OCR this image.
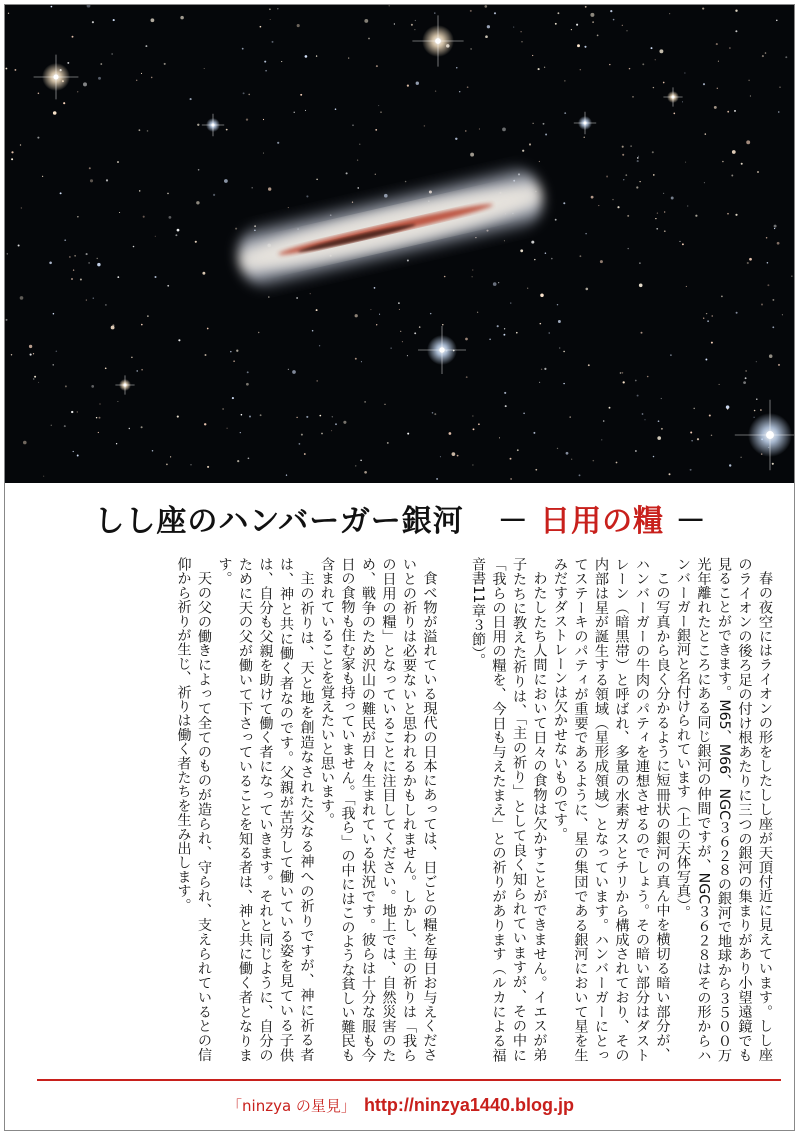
しし座のハンバーガー銀河 － 日用の糧 －

春の夜空にはライオンの形をしたしし座が天頂付近に見えています。しし座のライオンの後ろ足の付け根あたりに三つの銀河の集まりがあり小望遠鏡でも見ることができます。M65、M66、NGC３６２８の銀河で地球から３５００万光年離れたところにある同じ銀河の仲間ですが、NGC３６２８はその形からハンバーガー銀河と名付けられています（上の天体写真）。

この写真から良く分かるように短冊状の銀河の真ん中を横切る暗い部分が、ハンバーガーの牛肉のパティを連想させるのでしょう。その暗い部分はダストレーン（暗黒帯）と呼ばれ、多量の水素ガスとチリから構成されており、その内部は星が誕生する領域（星形成領域）となっています。ハンバーガーにとってステーキのパティが重要であるように、星の集団である銀河において星を生みだすダストレーンは欠かせないものです。

わたしたち人間において日々の食物は欠かすことができません。イエスが弟子たちに教えた祈りは、「主の祈り」として良く知られていますが、その中に「我らの日用の糧を、今日も与えたまえ」との祈りがあります（ルカによる福音書11章３節）。

食べ物が溢れている現代の日本にあっては、日ごとの糧を毎日お与えくださいとの祈りは必要ないと思われるかもしれません。しかし、主の祈りは「我らの日用の糧」となっていることに注目してください。地上では、自然災害のため、戦争のため沢山の難民が日々生まれている状況です。彼らは十分な服も今日の食物も住む家も持っていません。「我ら」の中にはこのような貧しい難民も含まれていることを覚えたいと思います。

主の祈りは、天と地を創造なされた父なる神への祈りですが、神に祈る者は、神と共に働く者なのです。父親が苦労して働いている姿を見ている子供は、自分も父親を助けて働く者になっていきます。それと同じように、自分のために天の父が働いて下さっていることを知る者は、神と共に働く者となります。

天の父の働きによって全てのものが造られ、守られ、支えられているとの信仰から祈りが生じ、祈りは働く者たちを生み出します。

「ninzya の星見」 http://ninzya1440.blog.jp
